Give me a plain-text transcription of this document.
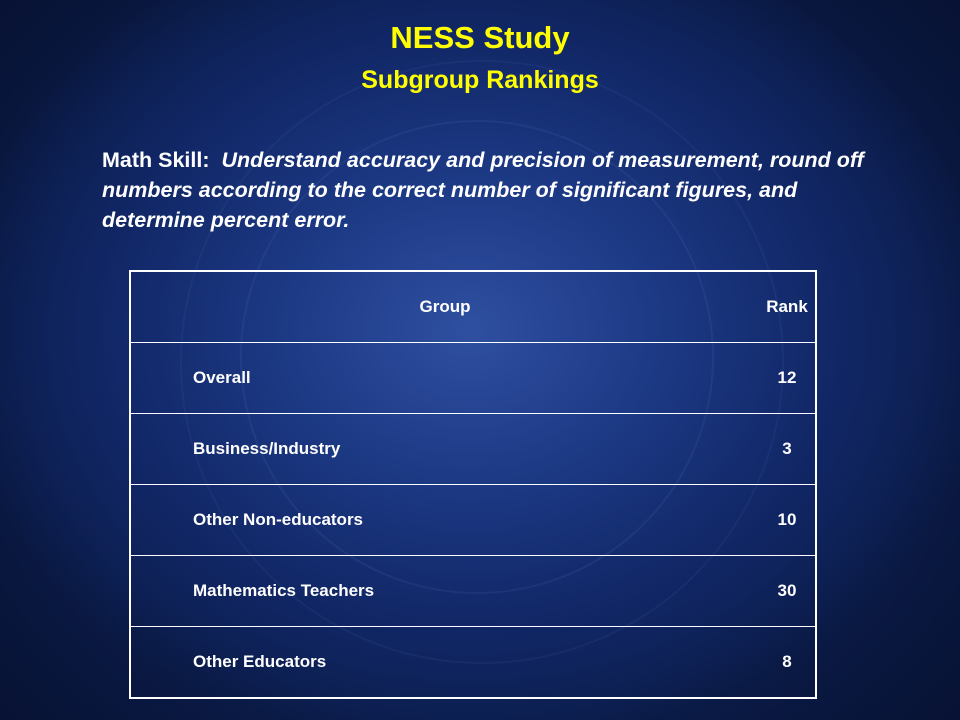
NESS Study
Subgroup Rankings
Math Skill: Understand accuracy and precision of measurement, round off numbers according to the correct number of significant figures, and determine percent error.
Group	Rank
Overall	12
Business/Industry	3
Other Non-educators	10
Mathematics Teachers	30
Other Educators	8
